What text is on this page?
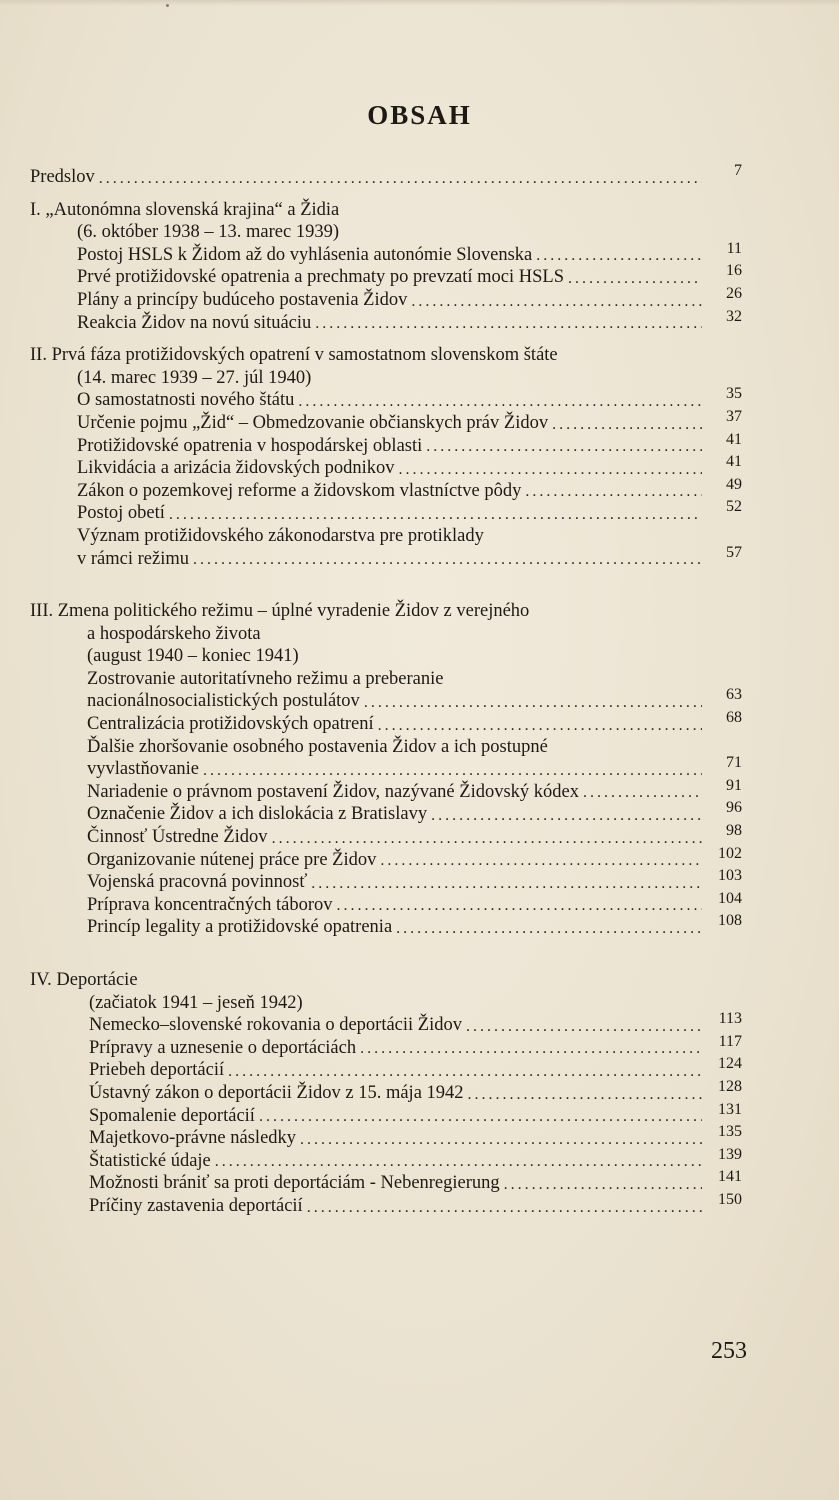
OBSAH
Predslov .....	7
I. „Autonómna slovenská krajina“ a Židia
(6. október 1938 – 13. marec 1939)
Postoj HSLS k Židom až do vyhlásenia autonómie Slovenska .....	11
Prvé protižidovské opatrenia a prechmaty po prevzatí moci HSLS .....	16
Plány a princípy budúceho postavenia Židov .....	26
Reakcia Židov na novú situáciu .....	32
II. Prvá fáza protižidovských opatrení v samostatnom slovenskom štáte
(14. marec 1939 – 27. júl 1940)
O samostatnosti nového štátu .....	35
Určenie pojmu „Žid“ – Obmedzovanie občianskych práv Židov .....	37
Protižidovské opatrenia v hospodárskej oblasti .....	41
Likvidácia a arizácia židovských podnikov .....	41
Zákon o pozemkovej reforme a židovskom vlastníctve pôdy .....	49
Postoj obetí .....	52
Význam protižidovského zákonodarstva pre protiklady
v rámci režimu .....	57
III. Zmena politického režimu – úplné vyradenie Židov z verejného
a hospodárskeho života
(august 1940 – koniec 1941)
Zostrovanie autoritatívneho režimu a preberanie
nacionálnosocialistických postulátov .....	63
Centralizácia protižidovských opatrení .....	68
Ďalšie zhoršovanie osobného postavenia Židov a ich postupné
vyvlastňovanie .....	71
Nariadenie o právnom postavení Židov, nazývané Židovský kódex .....	91
Označenie Židov a ich dislokácia z Bratislavy .....	96
Činnosť Ústredne Židov .....	98
Organizovanie nútenej práce pre Židov .....	102
Vojenská pracovná povinnosť .....	103
Príprava koncentračných táborov .....	104
Princíp legality a protižidovské opatrenia .....	108
IV. Deportácie
(začiatok 1941 – jeseň 1942)
Nemecko–slovenské rokovania o deportácii Židov .....	113
Prípravy a uznesenie o deportáciách .....	117
Priebeh deportácií .....	124
Ústavný zákon o deportácii Židov z 15. mája 1942 .....	128
Spomalenie deportácií .....	131
Majetkovo-právne následky .....	135
Štatistické údaje .....	139
Možnosti brániť sa proti deportáciám - Nebenregierung .....	141
Príčiny zastavenia deportácií .....	150
253
